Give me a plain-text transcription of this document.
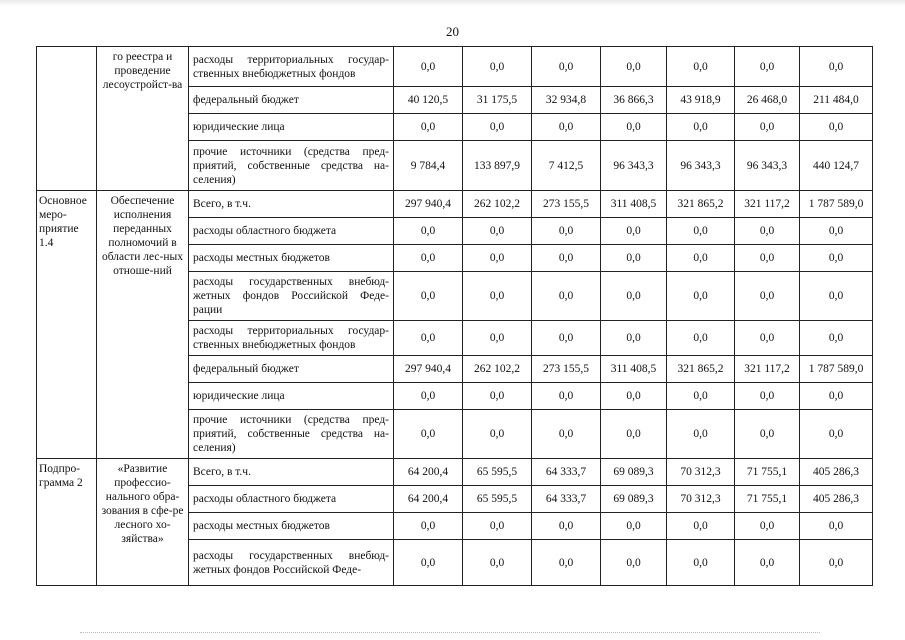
20
	го реестра и проведение лесоустройст-ва	расходы территориальных государ-ственных внебюджетных фондов	0,0	0,0	0,0	0,0	0,0	0,0	0,0
		федеральный бюджет	40 120,5	31 175,5	32 934,8	36 866,3	43 918,9	26 468,0	211 484,0
		юридические лица	0,0	0,0	0,0	0,0	0,0	0,0	0,0
		прочие источники (средства пред-приятий, собственные средства на-селения)	9 784,4	133 897,9	7 412,5	96 343,3	96 343,3	96 343,3	440 124,7
Основное меро-приятие 1.4	Обеспечение исполнения переданных полномочий в области лес-ных отноше-ний	Всего, в т.ч.	297 940,4	262 102,2	273 155,5	311 408,5	321 865,2	321 117,2	1 787 589,0
		расходы областного бюджета	0,0	0,0	0,0	0,0	0,0	0,0	0,0
		расходы местных бюджетов	0,0	0,0	0,0	0,0	0,0	0,0	0,0
		расходы государственных внебюд-жетных фондов Российской Феде-рации	0,0	0,0	0,0	0,0	0,0	0,0	0,0
		расходы территориальных государ-ственных внебюджетных фондов	0,0	0,0	0,0	0,0	0,0	0,0	0,0
		федеральный бюджет	297 940,4	262 102,2	273 155,5	311 408,5	321 865,2	321 117,2	1 787 589,0
		юридические лица	0,0	0,0	0,0	0,0	0,0	0,0	0,0
		прочие источники (средства пред-приятий, собственные средства на-селения)	0,0	0,0	0,0	0,0	0,0	0,0	0,0
Подпро-грамма 2	«Развитие профессио-нального обра-зования в сфе-ре лесного хо-зяйства»	Всего, в т.ч.	64 200,4	65 595,5	64 333,7	69 089,3	70 312,3	71 755,1	405 286,3
		расходы областного бюджета	64 200,4	65 595,5	64 333,7	69 089,3	70 312,3	71 755,1	405 286,3
		расходы местных бюджетов	0,0	0,0	0,0	0,0	0,0	0,0	0,0
		расходы государственных внебюд-жетных фондов Российской Феде-	0,0	0,0	0,0	0,0	0,0	0,0	0,0
